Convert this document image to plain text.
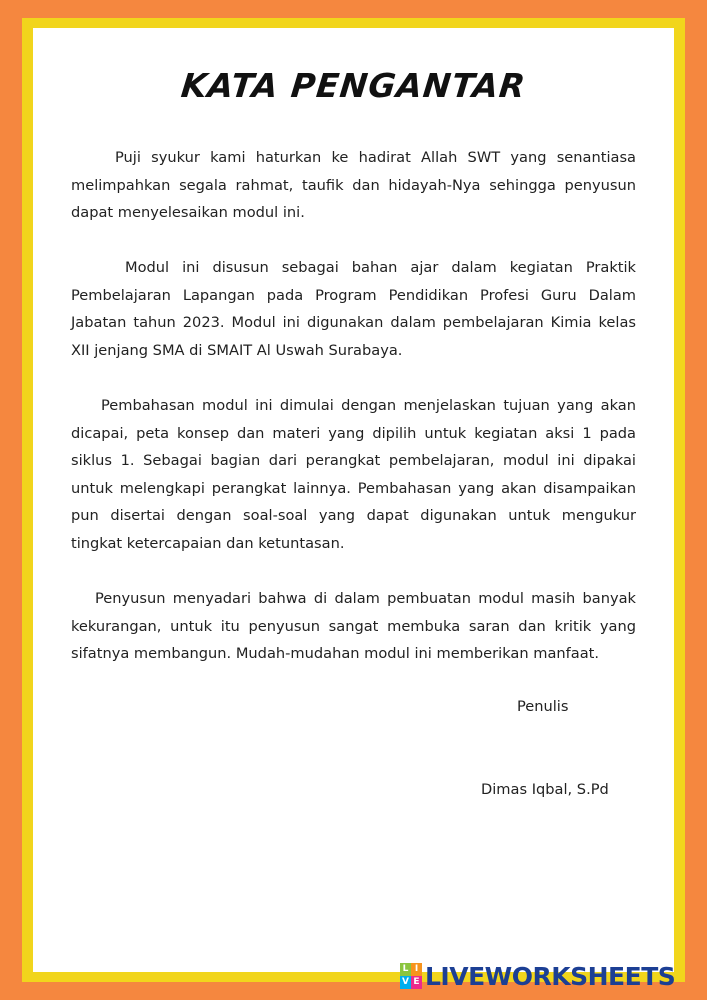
KATA PENGANTAR

Puji syukur kami haturkan ke hadirat Allah SWT yang senantiasa melimpahkan segala rahmat, taufik dan hidayah-Nya sehingga penyusun dapat menyelesaikan modul ini.

Modul ini disusun sebagai bahan ajar dalam kegiatan Praktik Pembelajaran Lapangan pada Program Pendidikan Profesi Guru Dalam Jabatan tahun 2023. Modul ini digunakan dalam pembelajaran Kimia kelas XII jenjang SMA di SMAIT Al Uswah Surabaya.

Pembahasan modul ini dimulai dengan menjelaskan tujuan yang akan dicapai, peta konsep dan materi yang dipilih untuk kegiatan aksi 1 pada siklus 1. Sebagai bagian dari perangkat pembelajaran, modul ini dipakai untuk melengkapi perangkat lainnya. Pembahasan yang akan disampaikan pun disertai dengan soal-soal yang dapat digunakan untuk mengukur tingkat ketercapaian dan ketuntasan.

Penyusun menyadari bahwa di dalam pembuatan modul masih banyak kekurangan, untuk itu penyusun sangat membuka saran dan kritik yang sifatnya membangun. Mudah-mudahan modul ini memberikan manfaat.

Penulis
Dimas Iqbal, S.Pd
L I
V E LIVEWORKSHEETS
